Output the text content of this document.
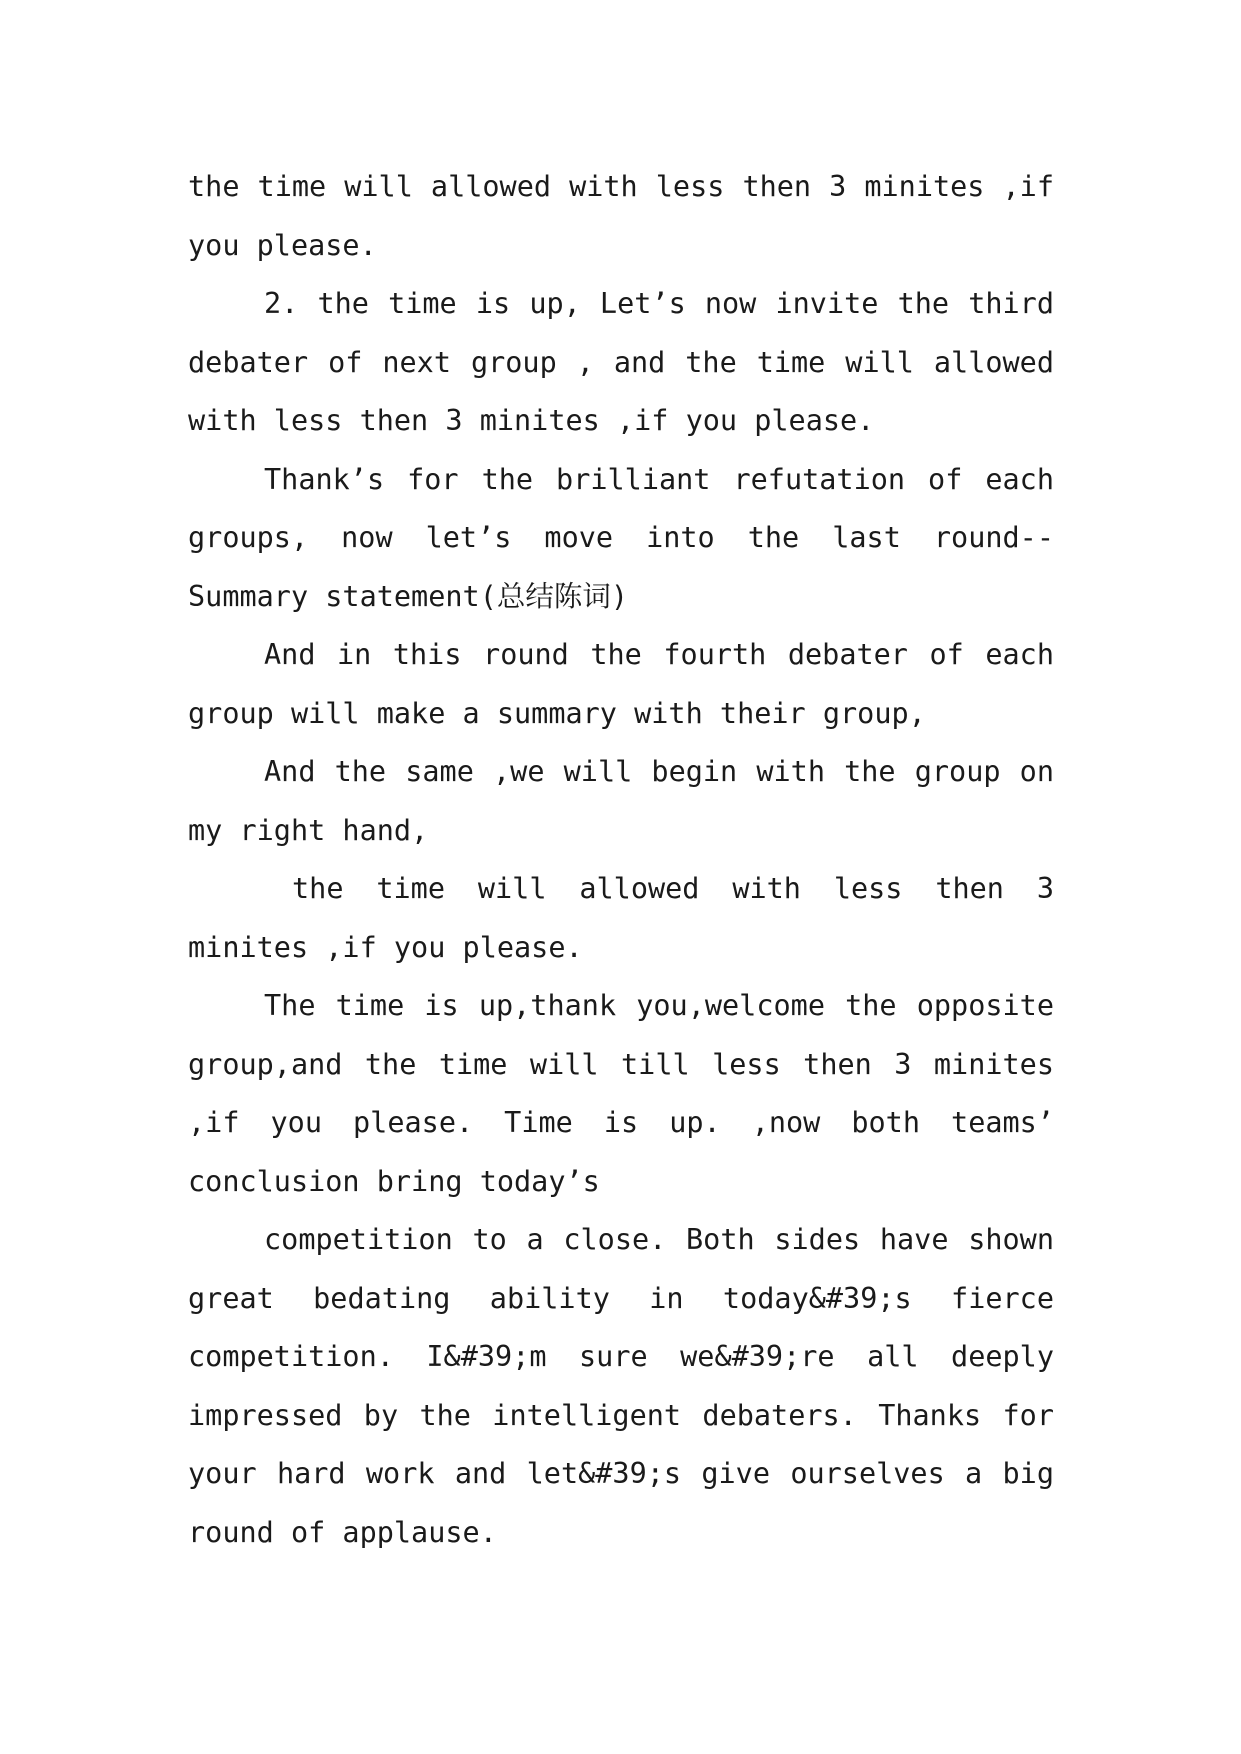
the time will allowed with less then 3 minites ,if you please.

2. the time is up, Let’s now invite the third debater of next group , and the time will allowed with less then 3 minites ,if you please.

Thank’s for the brilliant refutation of each groups, now let’s move into the last round--Summary statement(总结陈词)

And in this round the fourth debater of each group will make a summary with their group,

And the same ,we will begin with the group on my right hand,

the time will allowed with less then 3 minites ,if you please.

The time is up,thank you,welcome the opposite group,and the time will till less then 3 minites ,if you please. Time is up. ,now both teams’ conclusion bring today’s

competition to a close. Both sides have shown great bedating ability in today&#39;s fierce competition. I&#39;m sure we&#39;re all deeply impressed by the intelligent debaters. Thanks for your hard work and let&#39;s give ourselves a big round of applause.
